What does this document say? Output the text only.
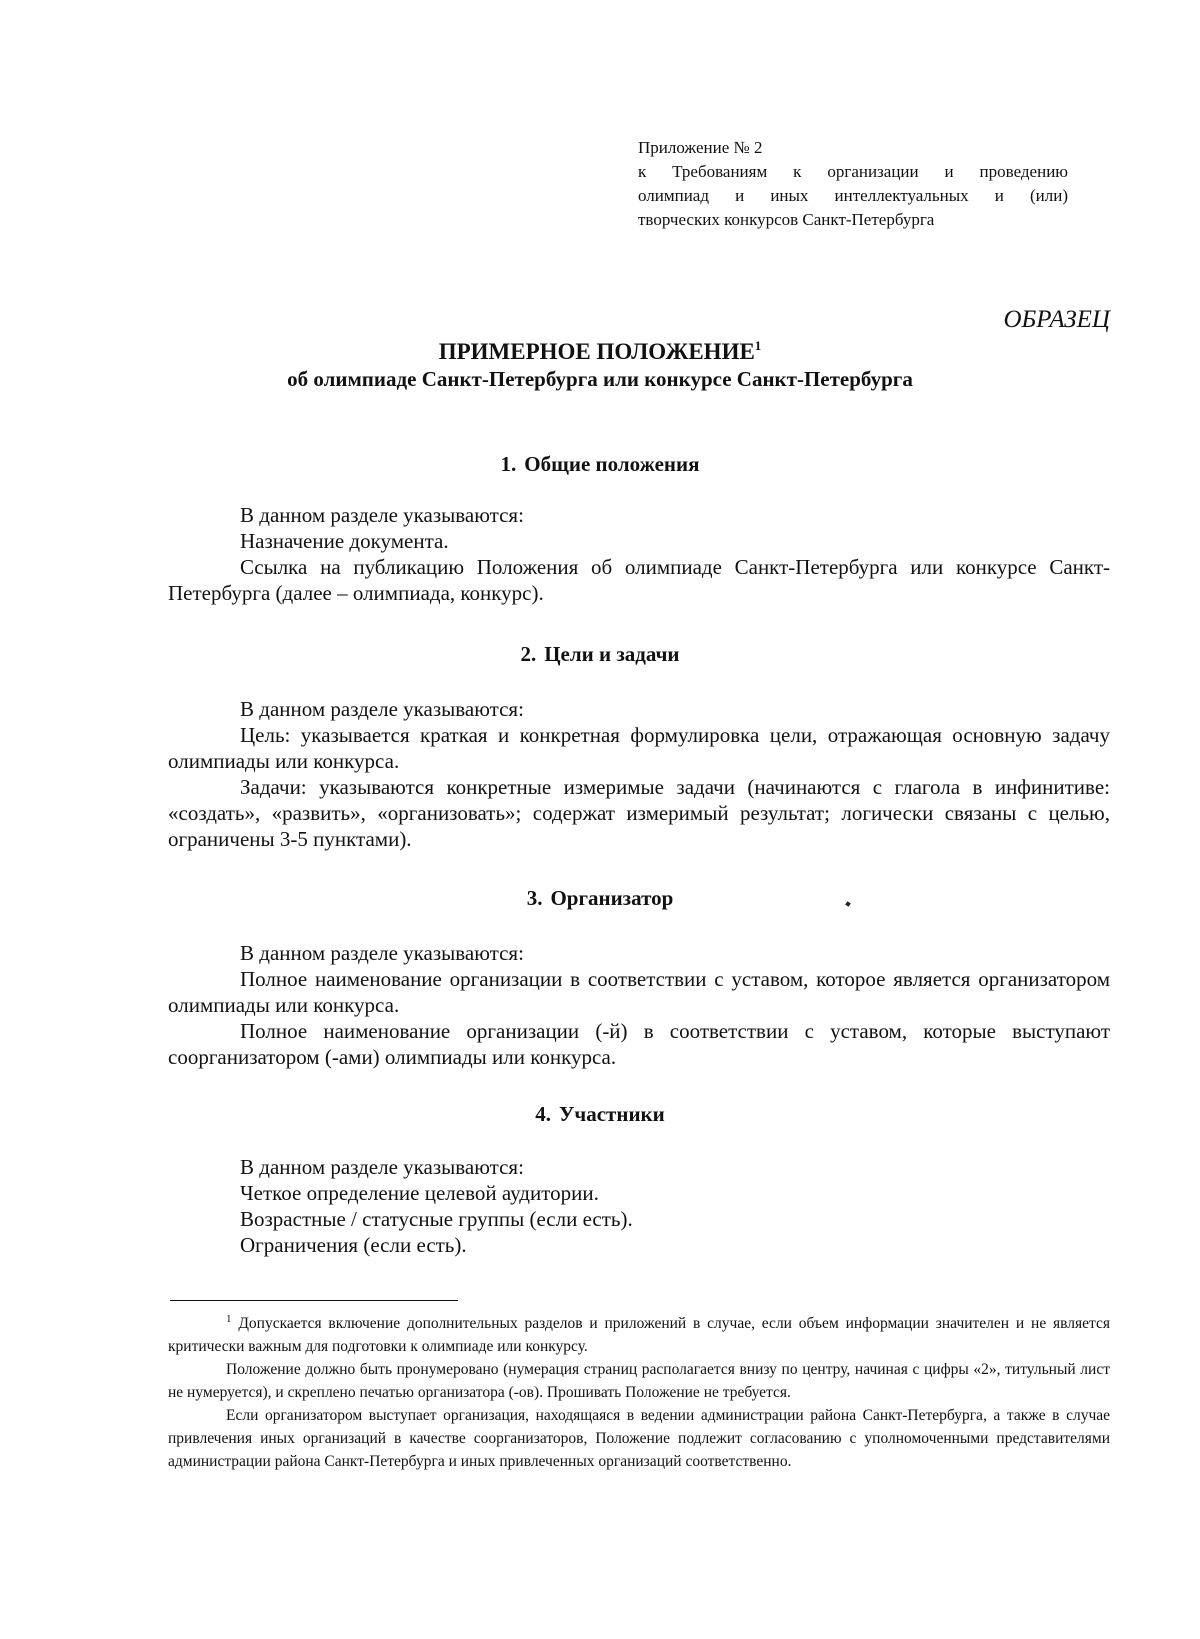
Приложение № 2
к Требованиям к организации и проведению
олимпиад и иных интеллектуальных и (или)
творческих конкурсов Санкт-Петербурга
ОБРАЗЕЦ
ПРИМЕРНОЕ ПОЛОЖЕНИЕ$^1$
об олимпиаде Санкт-Петербурга или конкурсе Санкт-Петербурга
1. Общие положения

В данном разделе указываются:

Назначение документа.

Ссылка на публикацию Положения об олимпиаде Санкт-Петербурга или конкурсе Санкт-Петербурга (далее – олимпиада, конкурс).

2. Цели и задачи

В данном разделе указываются:

Цель: указывается краткая и конкретная формулировка цели, отражающая основную задачу олимпиады или конкурса.

Задачи: указываются конкретные измеримые задачи (начинаются с глагола в инфинитиве: «создать», «развить», «организовать»; содержат измеримый результат; логически связаны с целью, ограничены 3-5 пунктами).

3. Организатор

В данном разделе указываются:

Полное наименование организации в соответствии с уставом, которое является организатором олимпиады или конкурса.

Полное наименование организации (-й) в соответствии с уставом, которые выступают соорганизатором (-ами) олимпиады или конкурса.

4. Участники

В данном разделе указываются:

Четкое определение целевой аудитории.

Возрастные / статусные группы (если есть).

Ограничения (если есть).

$^1$ Допускается включение дополнительных разделов и приложений в случае, если объем информации значителен и не является критически важным для подготовки к олимпиаде или конкурсу.

Положение должно быть пронумеровано (нумерация страниц располагается внизу по центру, начиная с цифры «2», титульный лист не нумеруется), и скреплено печатью организатора (-ов). Прошивать Положение не требуется.

Если организатором выступает организация, находящаяся в ведении администрации района Санкт-Петербурга, а также в случае привлечения иных организаций в качестве соорганизаторов, Положение подлежит согласованию с уполномоченными представителями администрации района Санкт-Петербурга и иных привлеченных организаций соответственно.
